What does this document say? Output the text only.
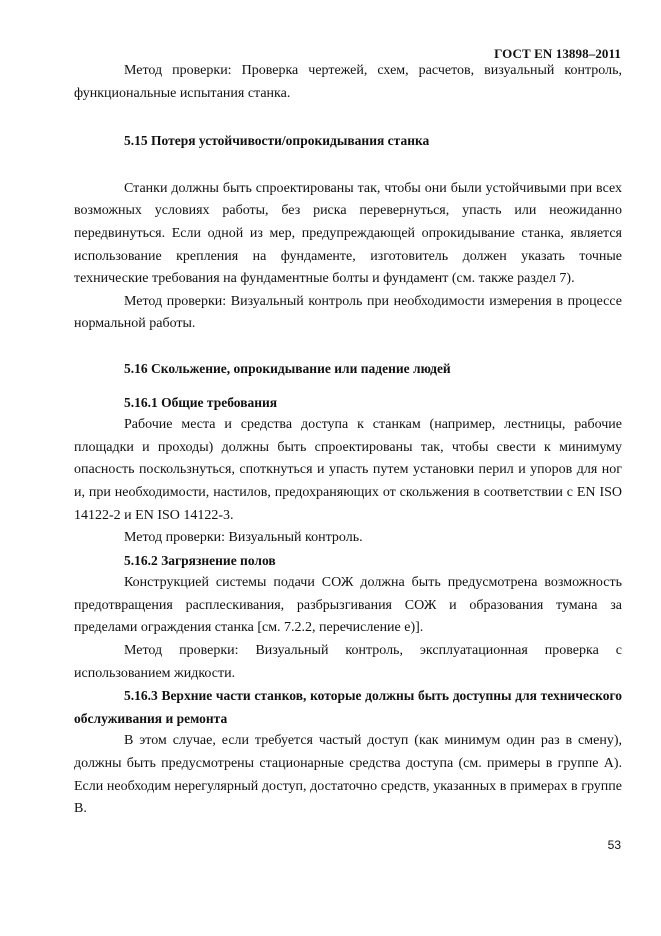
ГОСТ EN 13898–2011

Метод проверки: Проверка чертежей, схем, расчетов, визуальный контроль, функциональные испытания станка.

5.15 Потеря устойчивости/опрокидывания станка

Станки должны быть спроектированы так, чтобы они были устойчивыми при всех возможных условиях работы, без риска перевернуться, упасть или неожиданно передвинуться. Если одной из мер, предупреждающей опрокидывание станка, является использование крепления на фундаменте, изготовитель должен указать точные технические требования на фундаментные болты и фундамент (см. также раздел 7).

Метод проверки: Визуальный контроль при необходимости измерения в процессе нормальной работы.

5.16 Скольжение, опрокидывание или падение людей
5.16.1 Общие требования

Рабочие места и средства доступа к станкам (например, лестницы, рабочие площадки и проходы) должны быть спроектированы так, чтобы свести к минимуму опасность поскользнуться, споткнуться и упасть путем установки перил и упоров для ног и, при необходимости, настилов, предохраняющих от скольжения в соответствии с EN ISO 14122-2 и EN ISO 14122-3.

Метод проверки: Визуальный контроль.

5.16.2 Загрязнение полов

Конструкцией системы подачи СОЖ должна быть предусмотрена возможность предотвращения расплескивания, разбрызгивания СОЖ и образования тумана за пределами ограждения станка [см. 7.2.2, перечисление е)].

Метод проверки: Визуальный контроль, эксплуатационная проверка с использованием жидкости.

5.16.3 Верхние части станков, которые должны быть доступны для технического обслуживания и ремонта

В этом случае, если требуется частый доступ (как минимум один раз в смену), должны быть предусмотрены стационарные средства доступа (см. примеры в группе А). Если необходим нерегулярный доступ, достаточно средств, указанных в примерах в группе В.

53
